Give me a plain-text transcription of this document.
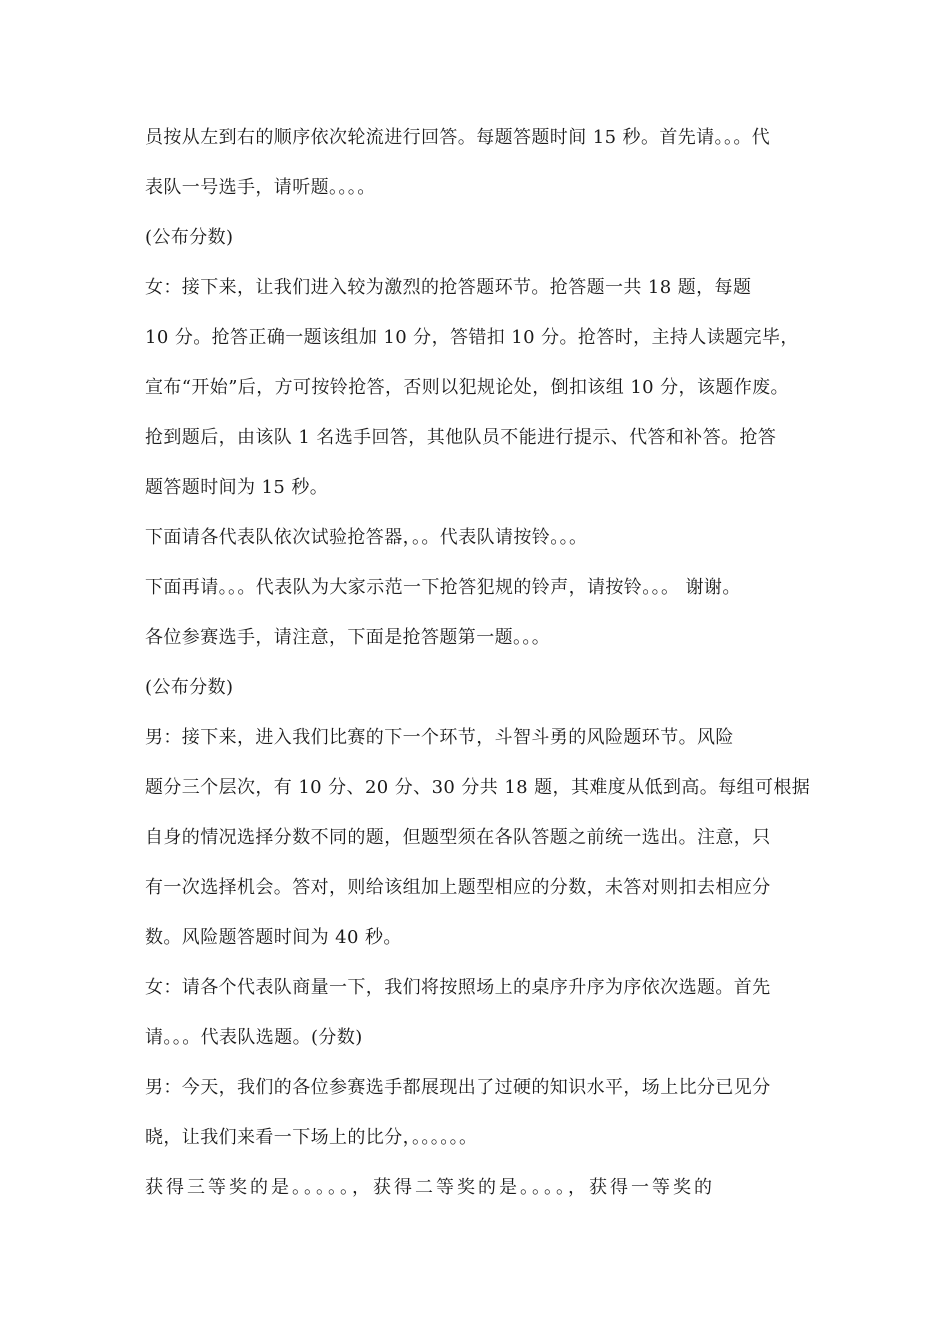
员按从左到右的顺序依次轮流进行回答。每题答题时间 15 秒。首先请。。。代
表队一号选手，请听题。。。。
(公布分数)
女：接下来，让我们进入较为激烈的抢答题环节。抢答题一共 18 题，每题
10 分。抢答正确一题该组加 10 分，答错扣 10 分。抢答时，主持人读题完毕，
宣布“开始”后，方可按铃抢答，否则以犯规论处，倒扣该组 10 分，该题作废。
抢到题后，由该队 1 名选手回答，其他队员不能进行提示、代答和补答。抢答
题答题时间为 15 秒。
下面请各代表队依次试验抢答器，。。代表队请按铃。。。
下面再请。。。代表队为大家示范一下抢答犯规的铃声，请按铃。。。 谢谢。
各位参赛选手，请注意，下面是抢答题第一题。。。
(公布分数)
男：接下来，进入我们比赛的下一个环节，斗智斗勇的风险题环节。风险
题分三个层次，有 10 分、20 分、30 分共 18 题，其难度从低到高。每组可根据
自身的情况选择分数不同的题，但题型须在各队答题之前统一选出。注意，只
有一次选择机会。答对，则给该组加上题型相应的分数，未答对则扣去相应分
数。风险题答题时间为 40 秒。
女：请各个代表队商量一下，我们将按照场上的桌序升序为序依次选题。首先
请。。。代表队选题。(分数)
男：今天，我们的各位参赛选手都展现出了过硬的知识水平，场上比分已见分
晓，让我们来看一下场上的比分，。。。。。。
获得三等奖的是。。。。。，获得二等奖的是。。。。，获得一等奖的
